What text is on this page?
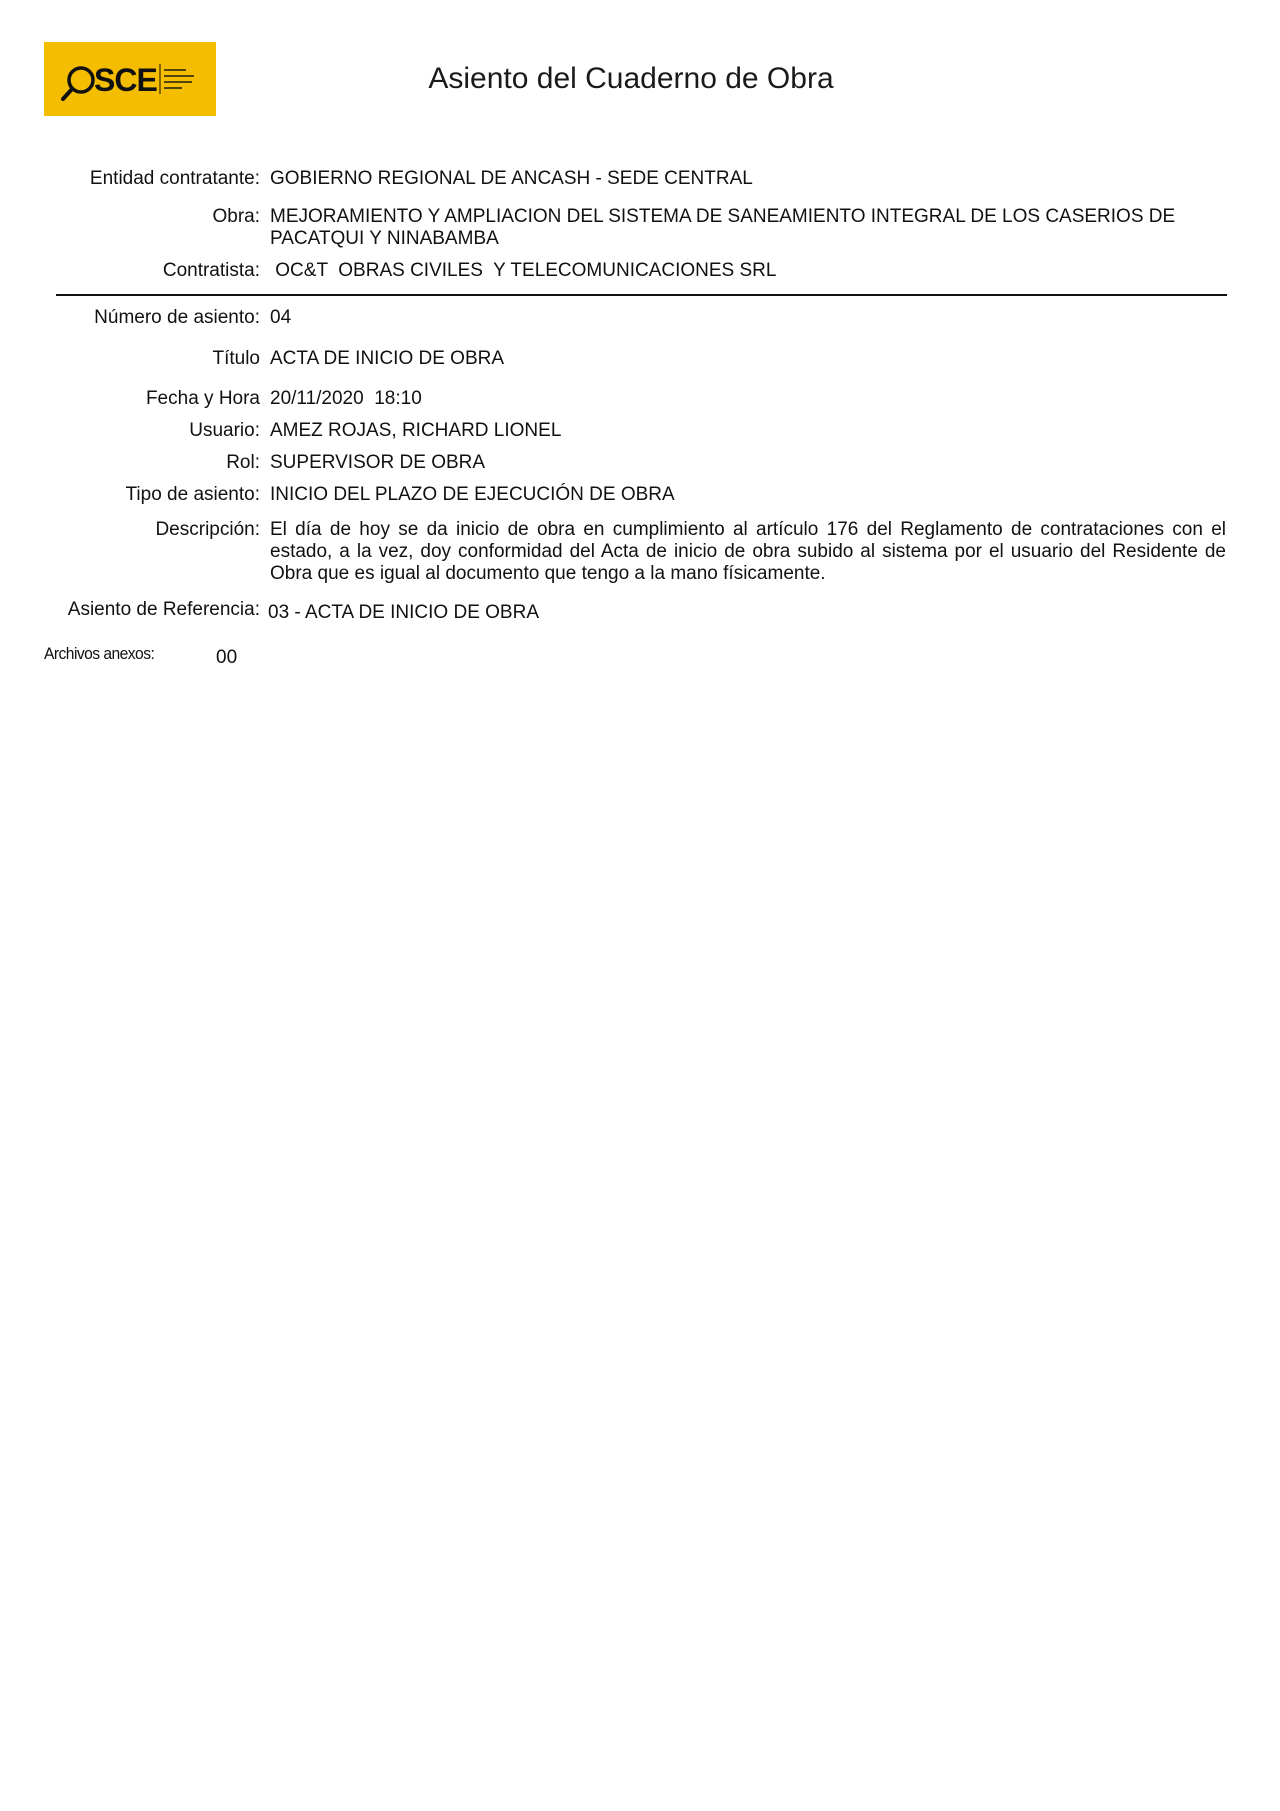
SCE	Asiento del Cuaderno de Obra
Entidad contratante: GOBIERNO REGIONAL DE ANCASH - SEDE CENTRAL
Obra: MEJORAMIENTO Y AMPLIACION DEL SISTEMA DE SANEAMIENTO INTEGRAL DE LOS CASERIOS DE PACATQUI Y NINABAMBA
Contratista: OC&T  OBRAS CIVILES  Y TELECOMUNICACIONES SRL
Número de asiento: 04
Título ACTA DE INICIO DE OBRA
Fecha y Hora 20/11/2020  18:10
Usuario: AMEZ ROJAS, RICHARD LIONEL
Rol: SUPERVISOR DE OBRA
Tipo de asiento: INICIO DEL PLAZO DE EJECUCIÓN DE OBRA
Descripción: El día de hoy se da inicio de obra en cumplimiento al artículo 176 del Reglamento de contrataciones con el estado, a la vez, doy conformidad del Acta de inicio de obra subido al sistema por el usuario del Residente de Obra que es igual al documento que tengo a la mano físicamente.
Asiento de Referencia: 03 - ACTA DE INICIO DE OBRA
Archivos anexos:	00
